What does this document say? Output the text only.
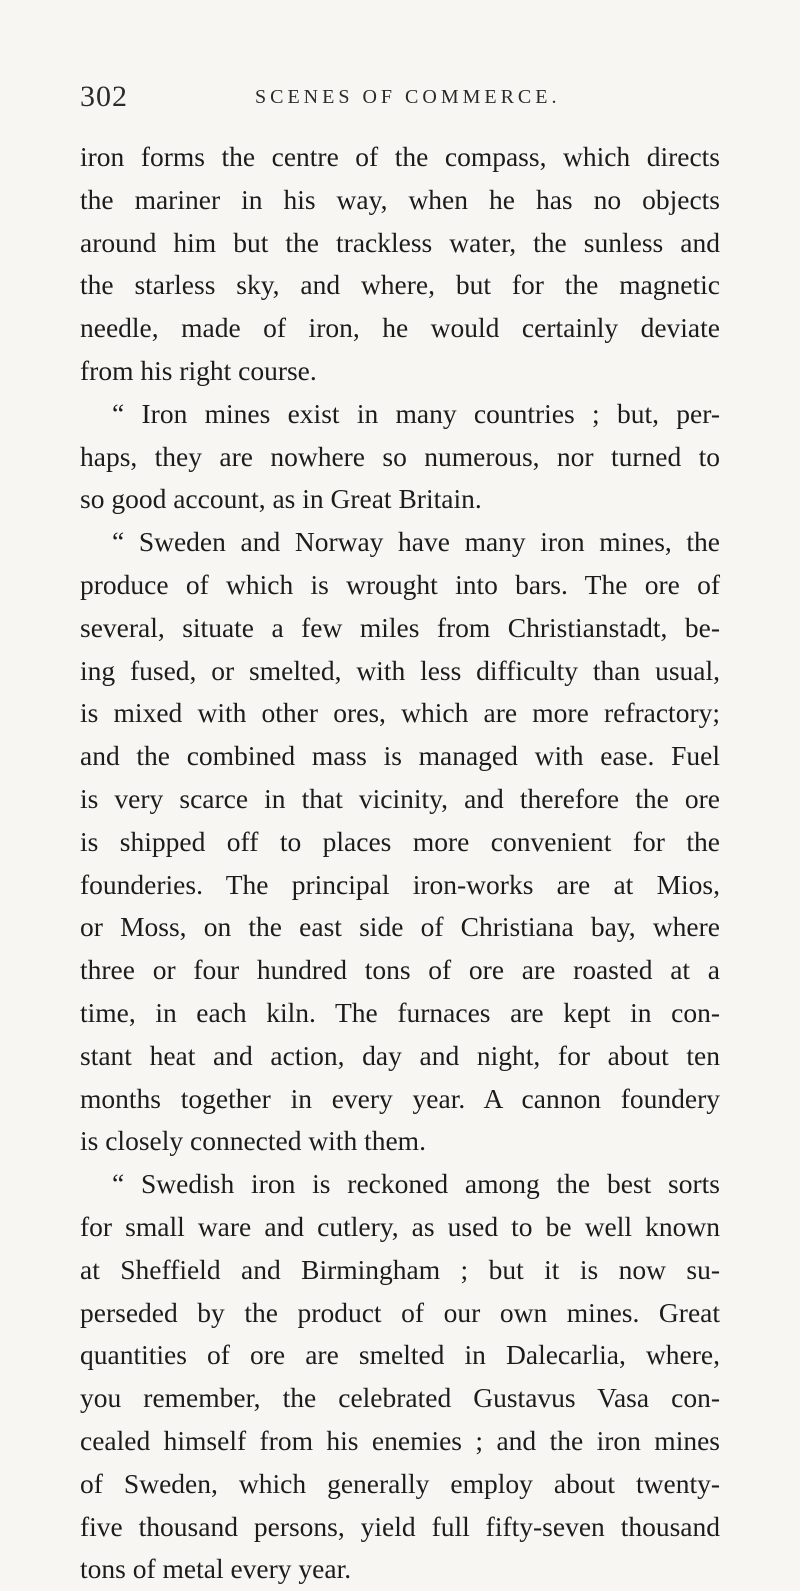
302	SCENES OF COMMERCE.
iron forms the centre of the compass, which directs
the mariner in his way, when he has no objects
around him but the trackless water, the sunless and
the starless sky, and where, but for the magnetic
needle, made of iron, he would certainly deviate
from his right course.
“ Iron mines exist in many countries ; but, per-
haps, they are nowhere so numerous, nor turned to
so good account, as in Great Britain.
“ Sweden and Norway have many iron mines, the
produce of which is wrought into bars. The ore of
several, situate a few miles from Christianstadt, be-
ing fused, or smelted, with less difficulty than usual,
is mixed with other ores, which are more refractory;
and the combined mass is managed with ease. Fuel
is very scarce in that vicinity, and therefore the ore
is shipped off to places more convenient for the
founderies. The principal iron-works are at Mios,
or Moss, on the east side of Christiana bay, where
three or four hundred tons of ore are roasted at a
time, in each kiln. The furnaces are kept in con-
stant heat and action, day and night, for about ten
months together in every year. A cannon foundery
is closely connected with them.
“ Swedish iron is reckoned among the best sorts
for small ware and cutlery, as used to be well known
at Sheffield and Birmingham ; but it is now su-
perseded by the product of our own mines. Great
quantities of ore are smelted in Dalecarlia, where,
you remember, the celebrated Gustavus Vasa con-
cealed himself from his enemies ; and the iron mines
of Sweden, which generally employ about twenty-
five thousand persons, yield full fifty-seven thousand
tons of metal every year.
